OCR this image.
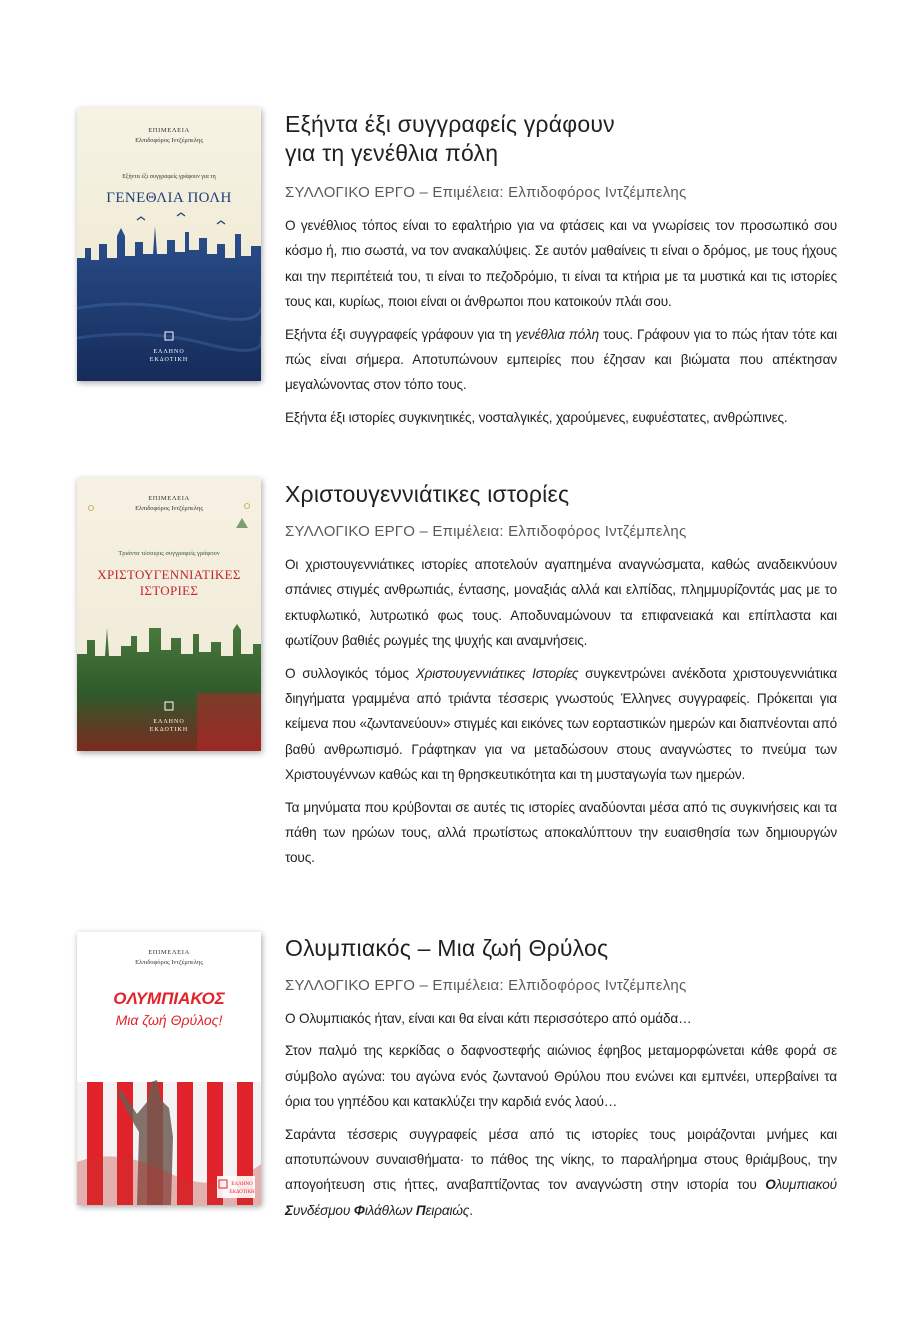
ΕΠΙΜΕΛΕΙΑ
Ελπιδοφόρος Ιντζέμπελης
Εξήντα έξι συγγραφείς γράφουν για τη
ΓΕΝΕΘΛΙΑ ΠΟΛΗ
ΕΛΛΗΝΟ
ΕΚΔΟΤΙΚΗ
Εξήντα έξι συγγραφείς γράφουν
για τη γενέθλια πόλη
ΣΥΛΛΟΓΙΚΟ ΕΡΓΟ – Επιμέλεια: Ελπιδοφόρος Ιντζέμπελης

Ο γενέθλιος τόπος είναι το εφαλτήριο για να φτάσεις και να γνωρίσεις τον προσωπικό σου κόσμο ή, πιο σωστά, να τον ανακαλύψεις. Σε αυτόν μαθαίνεις τι είναι ο δρόμος, με τους ήχους και την περιπέτειά του, τι είναι το πεζοδρόμιο, τι είναι τα κτήρια με τα μυστικά και τις ιστορίες τους και, κυρίως, ποιοι είναι οι άνθρωποι που κατοικούν πλάι σου.

Εξήντα έξι συγγραφείς γράφουν για τη γενέθλια πόλη τους. Γράφουν για το πώς ήταν τότε και πώς είναι σήμερα. Αποτυπώνουν εμπειρίες που έζησαν και βιώματα που απέκτησαν μεγαλώνοντας στον τόπο τους.

Εξήντα έξι ιστορίες συγκινητικές, νοσταλγικές, χαρούμενες, ευφυέστατες, ανθρώπινες.

ΕΠΙΜΕΛΕΙΑ
Ελπιδοφόρος Ιντζέμπελης
Τριάντα τέσσερις συγγραφείς γράφουν
ΧΡΙΣΤΟΥΓΕΝΝΙΑΤΙΚΕΣ
ΙΣΤΟΡΙΕΣ
ΕΛΛΗΝΟ
ΕΚΔΟΤΙΚΗ
Χριστουγεννιάτικες ιστορίες
ΣΥΛΛΟΓΙΚΟ ΕΡΓΟ – Επιμέλεια: Ελπιδοφόρος Ιντζέμπελης

Οι χριστουγεννιάτικες ιστορίες αποτελούν αγαπημένα αναγνώσματα, καθώς αναδεικνύουν σπάνιες στιγμές ανθρωπιάς, έντασης, μοναξιάς αλλά και ελπίδας, πλημμυρίζοντάς μας με το εκτυφλωτικό, λυτρωτικό φως τους. Αποδυναμώνουν τα επιφανειακά και επίπλαστα και φωτίζουν βαθιές ρωγμές της ψυχής και αναμνήσεις.

Ο συλλογικός τόμος Χριστουγεννιάτικες Ιστορίες συγκεντρώνει ανέκδοτα χριστουγεννιάτικα διηγήματα γραμμένα από τριάντα τέσσερις γνωστούς Έλληνες συγγραφείς. Πρόκειται για κείμενα που «ζωντανεύουν» στιγμές και εικόνες των εορταστικών ημερών και διαπνέονται από βαθύ ανθρωπισμό. Γράφτηκαν για να μεταδώσουν στους αναγνώστες το πνεύμα των Χριστουγέννων καθώς και τη θρησκευτικότητα και τη μυσταγωγία των ημερών.

Τα μηνύματα που κρύβονται σε αυτές τις ιστορίες αναδύονται μέσα από τις συγκινήσεις και τα πάθη των ηρώων τους, αλλά πρωτίστως αποκαλύπτουν την ευαισθησία των δημιουργών τους.

ΕΠΙΜΕΛΕΙΑ
Ελπιδοφόρος Ιντζέμπελης
ΟΛΥΜΠΙΑΚΟΣ
Μια ζωή Θρύλος!
ΕΛΛΗΝΟ
ΕΚΔΟΤΙΚΗ
Ολυμπιακός – Μια ζωή Θρύλος
ΣΥΛΛΟΓΙΚΟ ΕΡΓΟ – Επιμέλεια: Ελπιδοφόρος Ιντζέμπελης

Ο Ολυμπιακός ήταν, είναι και θα είναι κάτι περισσότερο από ομάδα…

Στον παλμό της κερκίδας ο δαφνοστεφής αιώνιος έφηβος μεταμορφώνεται κάθε φορά σε σύμβολο αγώνα: του αγώνα ενός ζωντανού Θρύλου που ενώνει και εμπνέει, υπερβαίνει τα όρια του γηπέδου και κατακλύζει την καρδιά ενός λαού…

Σαράντα τέσσερις συγγραφείς μέσα από τις ιστορίες τους μοιράζονται μνήμες και αποτυπώνουν συναισθήματα· το πάθος της νίκης, το παραλήρημα στους θριάμβους, την απογοήτευση στις ήττες, αναβαπτίζοντας τον αναγνώστη στην ιστορία του Ολυμπιακού Συνδέσμου Φιλάθλων Πειραιώς.
